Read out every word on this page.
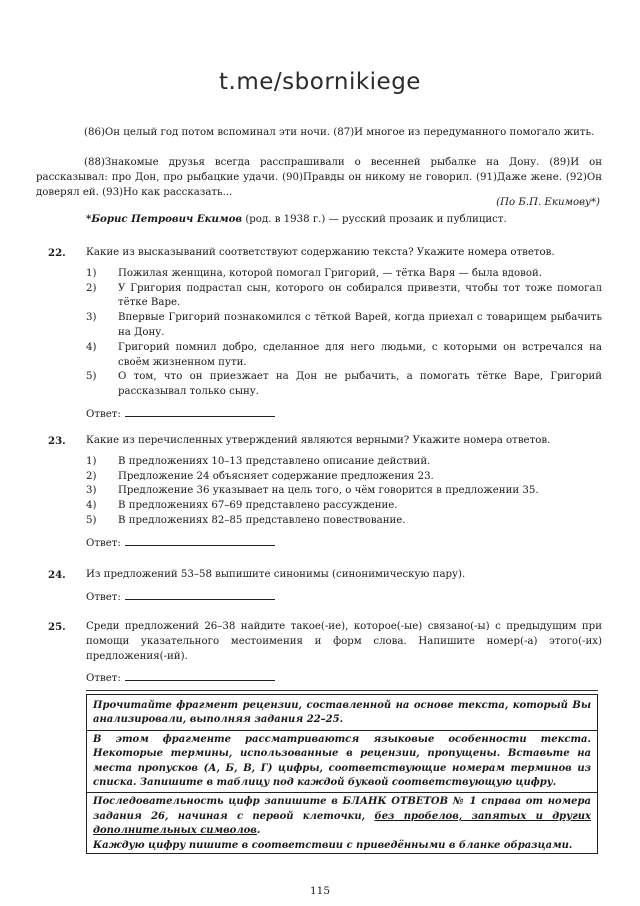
t.me/sbornikiege
(86)Он целый год потом вспоминал эти ночи. (87)И многое из передуманного помогало жить.
(88)Знакомые друзья всегда расспрашивали о весенней рыбалке на Дону. (89)И он рассказывал: про Дон, про рыбацкие удачи. (90)Правды он никому не говорил. (91)Даже жене. (92)Он доверял ей. (93)Но как рассказать...
(По Б.П. Екимову*)
*Борис Петрович Екимов (род. в 1938 г.) — русский прозаик и публицист.
22. Какие из высказываний соответствуют содержанию текста? Укажите номера ответов.
1) Пожилая женщина, которой помогал Григорий, — тётка Варя — была вдовой.
2) У Григория подрастал сын, которого он собирался привезти, чтобы тот тоже помогал тётке Варе.
3) Впервые Григорий познакомился с тёткой Варей, когда приехал с товарищем рыбачить на Дону.
4) Григорий помнил добро, сделанное для него людьми, с которыми он встречался на своём жизненном пути.
5) О том, что он приезжает на Дон не рыбачить, а помогать тётке Варе, Григорий рассказывал только сыну.
Ответ:
23. Какие из перечисленных утверждений являются верными? Укажите номера ответов.
1) В предложениях 10–13 представлено описание действий.
2) Предложение 24 объясняет содержание предложения 23.
3) Предложение 36 указывает на цель того, о чём говорится в предложении 35.
4) В предложениях 67–69 представлено рассуждение.
5) В предложениях 82–85 представлено повествование.
Ответ:
24. Из предложений 53–58 выпишите синонимы (синонимическую пару).
Ответ:
25. Среди предложений 26–38 найдите такое(-ие), которое(-ые) связано(-ы) с предыдущим при помощи указательного местоимения и форм слова. Напишите номер(-а) этого(-их) предложения(-ий).
Ответ:

Прочитайте фрагмент рецензии, составленной на основе текста, который Вы анализировали, выполняя задания 22–25.

В этом фрагменте рассматриваются языковые особенности текста. Некоторые термины, использованные в рецензии, пропущены. Вставьте на места пропусков (А, Б, В, Г) цифры, соответствующие номерам терминов из списка. Запишите в таблицу под каждой буквой соответствующую цифру.

Последовательность цифр запишите в БЛАНК ОТВЕТОВ № 1 справа от номера задания 26, начиная с первой клеточки, без пробелов, запятых и других дополнительных символов.

Каждую цифру пишите в соответствии с приведёнными в бланке образцами.

115
